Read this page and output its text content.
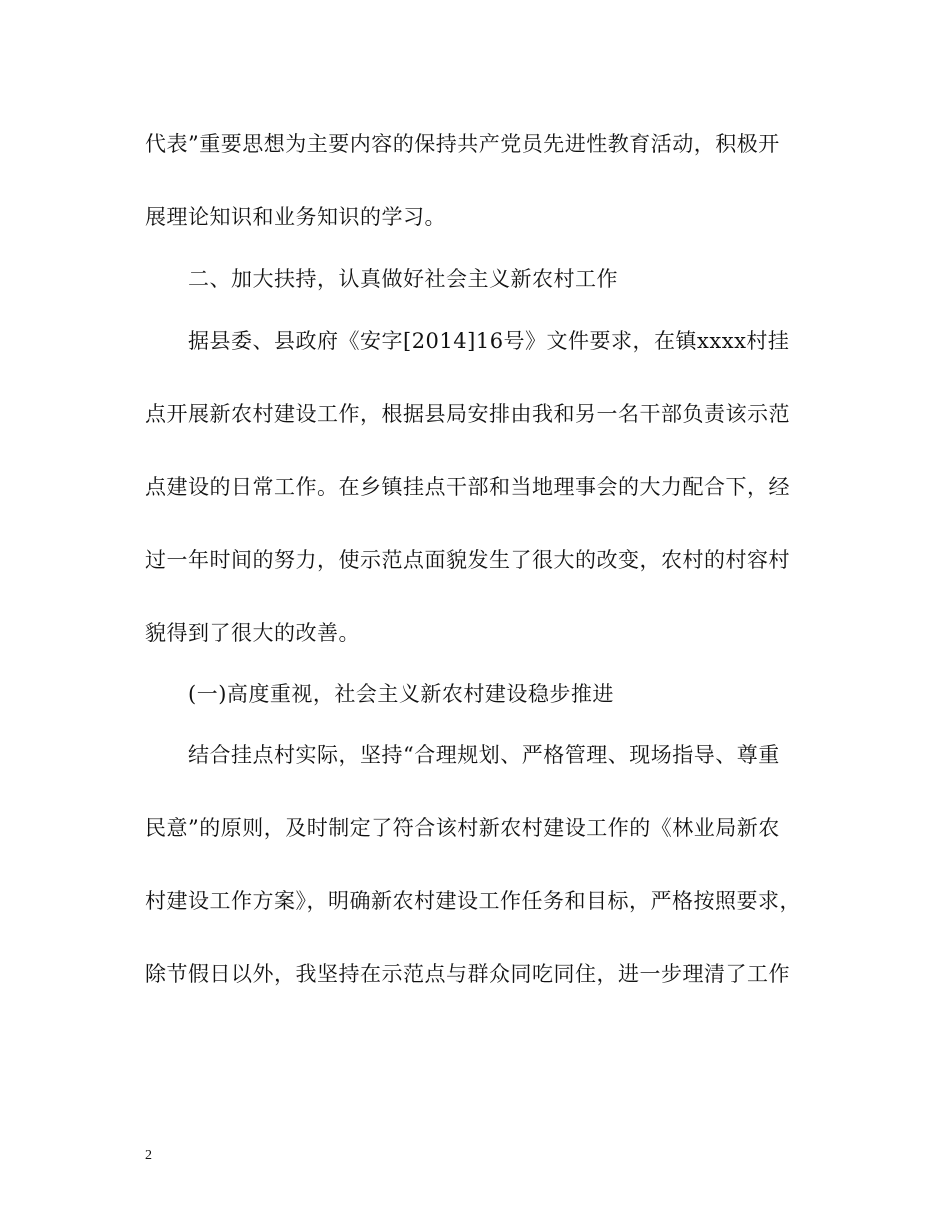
代表”重要思想为主要内容的保持共产党员先进性教育活动，积极开
展理论知识和业务知识的学习。
二、加大扶持，认真做好社会主义新农村工作
据县委、县政府《安字[2014]16号》文件要求，在镇xxxx村挂
点开展新农村建设工作，根据县局安排由我和另一名干部负责该示范
点建设的日常工作。在乡镇挂点干部和当地理事会的大力配合下，经
过一年时间的努力，使示范点面貌发生了很大的改变，农村的村容村
貌得到了很大的改善。
(一)高度重视，社会主义新农村建设稳步推进
结合挂点村实际，坚持“合理规划、严格管理、现场指导、尊重
民意”的原则，及时制定了符合该村新农村建设工作的《林业局新农
村建设工作方案》，明确新农村建设工作任务和目标，严格按照要求，
除节假日以外，我坚持在示范点与群众同吃同住，进一步理清了工作
2
